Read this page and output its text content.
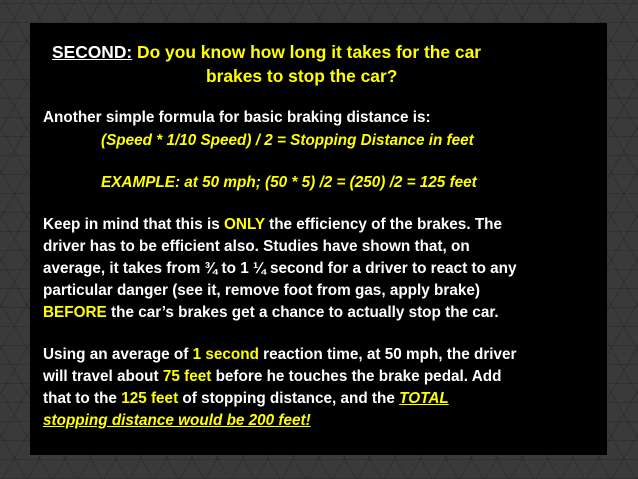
SECOND: Do you know how long it takes for the car

brakes to stop the car?

Another simple formula for basic braking distance is:

(Speed * 1/10 Speed) / 2 = Stopping Distance in feet

EXAMPLE: at 50 mph; (50 * 5) /2 = (250) /2 = 125 feet

Keep in mind that this is ONLY the efficiency of the brakes. The

driver has to be efficient also. Studies have shown that, on

average, it takes from ¾ to 1 ¼ second for a driver to react to any

particular danger (see it, remove foot from gas, apply brake)

BEFORE the car’s brakes get a chance to actually stop the car.

Using an average of 1 second reaction time, at 50 mph, the driver

will travel about 75 feet before he touches the brake pedal. Add

that to the 125 feet of stopping distance, and the TOTAL

stopping distance would be 200 feet!
